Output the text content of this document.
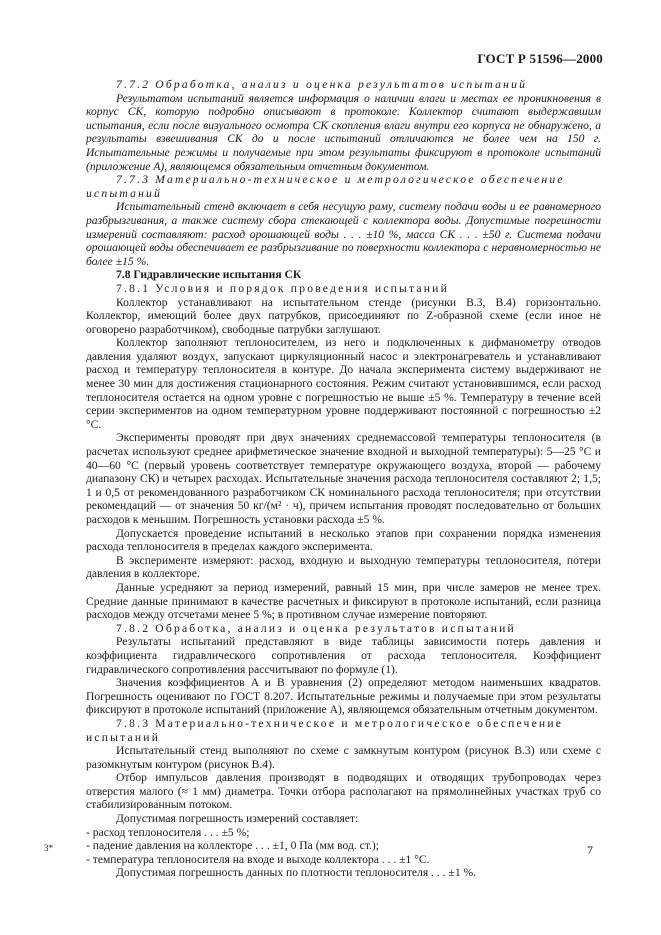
ГОСТ Р 51596—2000

7.7.2 Обработка, анализ и оценка результатов испытаний

Результатом испытаний является информация о наличии влаги и местах ее проникновения в корпус СК, которую подробно описывают в протоколе. Коллектор считают выдержавшим испытания, если после визуального осмотра СК скопления влаги внутри его корпуса не обнаружено, а результаты взвешивания СК до и после испытаний отличаются не более чем на 150 г. Испытательные режимы и получаемые при этом результаты фиксируют в протоколе испытаний (приложение А), являющемся обязательным отчетным документом.

7.7.3 Материально-техническое и метрологическое обеспечение испытаний

Испытательный стенд включает в себя несущую раму, систему подачи воды и ее равномерного разбрызгивания, а также систему сбора стекающей с коллектора воды. Допустимые погрешности измерений составляют: расход орошающей воды . . . ±10 %, масса СК . . . ±50 г. Система подачи орошающей воды обеспечивает ее разбрызгивание по поверхности коллектора с неравномерностью не более ±15 %.

7.8 Гидравлические испытания СК

7.8.1 Условия и порядок проведения испытаний

Коллектор устанавливают на испытательном стенде (рисунки В.3, В.4) горизонтально. Коллектор, имеющий более двух патрубков, присоединяют по Z-образной схеме (если иное не оговорено разработчиком), свободные патрубки заглушают.

Коллектор заполняют теплоносителем, из него и подключенных к дифманометру отводов давления удаляют воздух, запускают циркуляционный насос и электронагреватель и устанавливают расход и температуру теплоносителя в контуре. До начала эксперимента систему выдерживают не менее 30 мин для достижения стационарного состояния. Режим считают установившимся, если расход теплоносителя остается на одном уровне с погрешностью не выше ±5 %. Температуру в течение всей серии экспериментов на одном температурном уровне поддерживают постоянной с погрешностью ±2 °С.

Эксперименты проводят при двух значениях среднемассовой температуры теплоносителя (в расчетах используют среднее арифметическое значение входной и выходной температуры): 5—25 °С и 40—60 °С (первый уровень соответствует температуре окружающего воздуха, второй — рабочему диапазону СК) и четырех расходах. Испытательные значения расхода теплоносителя составляют 2; 1,5; 1 и 0,5 от рекомендованного разработчиком СК номинального расхода теплоносителя; при отсутствии рекомендаций — от значения 50 кг/(м² · ч), причем испытания проводят последовательно от больших расходов к меньшим. Погрешность установки расхода ±5 %.

Допускается проведение испытаний в несколько этапов при сохранении порядка изменения расхода теплоносителя в пределах каждого эксперимента.

В эксперименте измеряют: расход, входную и выходную температуры теплоносителя, потери давления в коллекторе.

Данные усредняют за период измерений, равный 15 мин, при числе замеров не менее трех. Средние данные принимают в качестве расчетных и фиксируют в протоколе испытаний, если разница расходов между отсчетами менее 5 %; в противном случае измерение повторяют.

7.8.2 Обработка, анализ и оценка результатов испытаний

Результаты испытаний представляют в виде таблицы зависимости потерь давления и коэффициента гидравлического сопротивления от расхода теплоносителя. Коэффициент гидравлического сопротивления рассчитывают по формуле (1).

Значения коэффициентов A и B уравнения (2) определяют методом наименьших квадратов. Погрешность оценивают по ГОСТ 8.207. Испытательные режимы и получаемые при этом результаты фиксируют в протоколе испытаний (приложение А), являющемся обязательным отчетным документом.

7.8.3 Материально-техническое и метрологическое обеспечение испытаний

Испытательный стенд выполняют по схеме с замкнутым контуром (рисунок В.3) или схеме с разомкнутым контуром (рисунок В.4).

Отбор импульсов давления производят в подводящих и отводящих трубопроводах через отверстия малого (≈ 1 мм) диаметра. Точки отбора располагают на прямолинейных участках труб со стабилизированным потоком.

Допустимая погрешность измерений составляет:

- расход теплоносителя . . . ±5 %;

- падение давления на коллекторе . . . ±1, 0 Па (мм вод. ст.);

- температура теплоносителя на входе и выходе коллектора . . . ±1 °С.

Допустимая погрешность данных по плотности теплоносителя . . . ±1 %.

3*	7
